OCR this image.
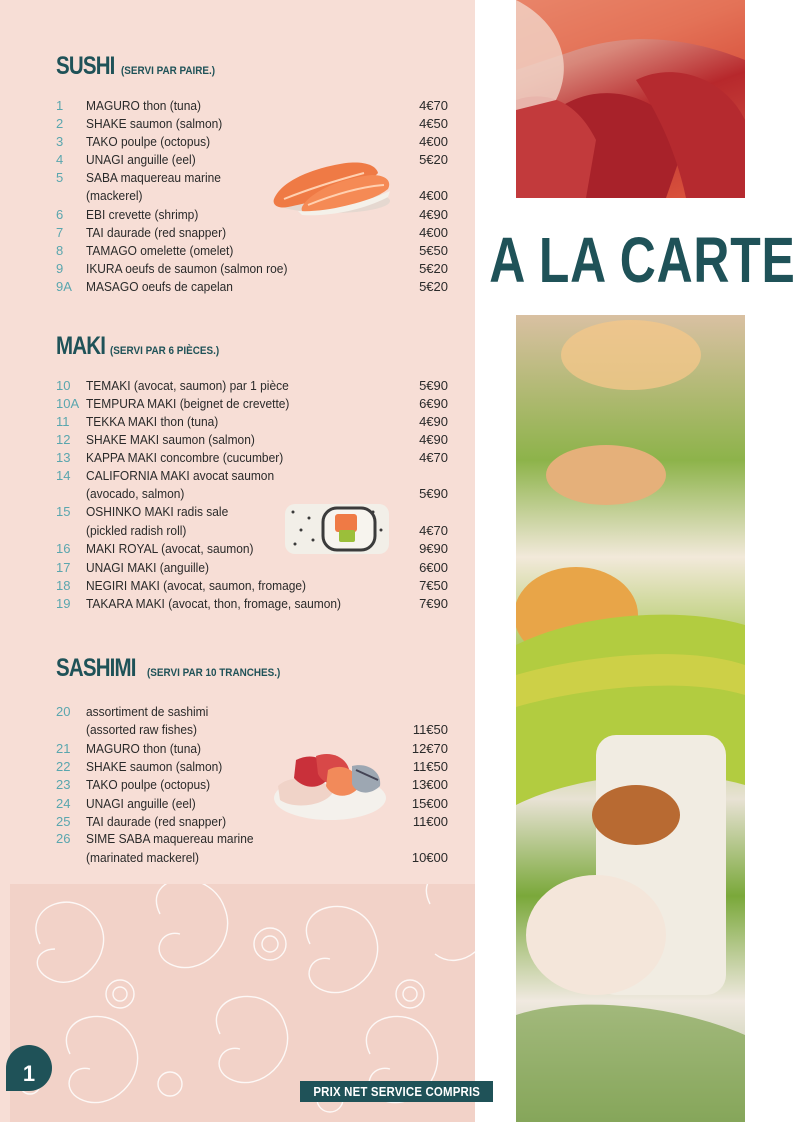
SUSHI (SERVI PAR PAIRE.)
1	MAGURO thon (tuna)	4€70
2	SHAKE saumon (salmon)	4€50
3	TAKO poulpe (octopus)	4€00
4	UNAGI anguille (eel)	5€20
5	SABA maquereau marine
(mackerel)	4€00
6	EBI crevette (shrimp)	4€90
7	TAI daurade (red snapper)	4€00
8	TAMAGO omelette (omelet)	5€50
9	IKURA oeufs de saumon (salmon roe)	5€20
9A	MASAGO oeufs de capelan	5€20
MAKI (SERVI PAR 6 PIÈCES.)
10	TEMAKI (avocat, saumon) par 1 pièce	5€90
10A TEMPURA MAKI (beignet de crevette)	6€90
11	TEKKA MAKI thon (tuna)	4€90
12	SHAKE MAKI saumon (salmon)	4€90
13	KAPPA MAKI concombre (cucumber)	4€70
14	CALIFORNIA MAKI avocat saumon
(avocado, salmon)	5€90
15	OSHINKO MAKI radis sale
(pickled radish roll)	4€70
16	MAKI ROYAL (avocat, saumon)	9€90
17	UNAGI MAKI (anguille)	6€00
18	NEGIRI MAKI (avocat, saumon, fromage)	7€50
19	TAKARA MAKI (avocat, thon, fromage, saumon)	7€90
SASHIMI (SERVI PAR 10 TRANCHES.)
20	assortiment de sashimi
(assorted raw fishes)	11€50
21	MAGURO thon (tuna)	12€70
22	SHAKE saumon (salmon)	11€50
23	TAKO poulpe (octopus)	13€00
24	UNAGI anguille (eel)	15€00
25	TAI daurade (red snapper)	11€00
26	SIME SABA maquereau marine
(marinated mackerel)	10€00
A LA CARTE
1
PRIX NET SERVICE COMPRIS
